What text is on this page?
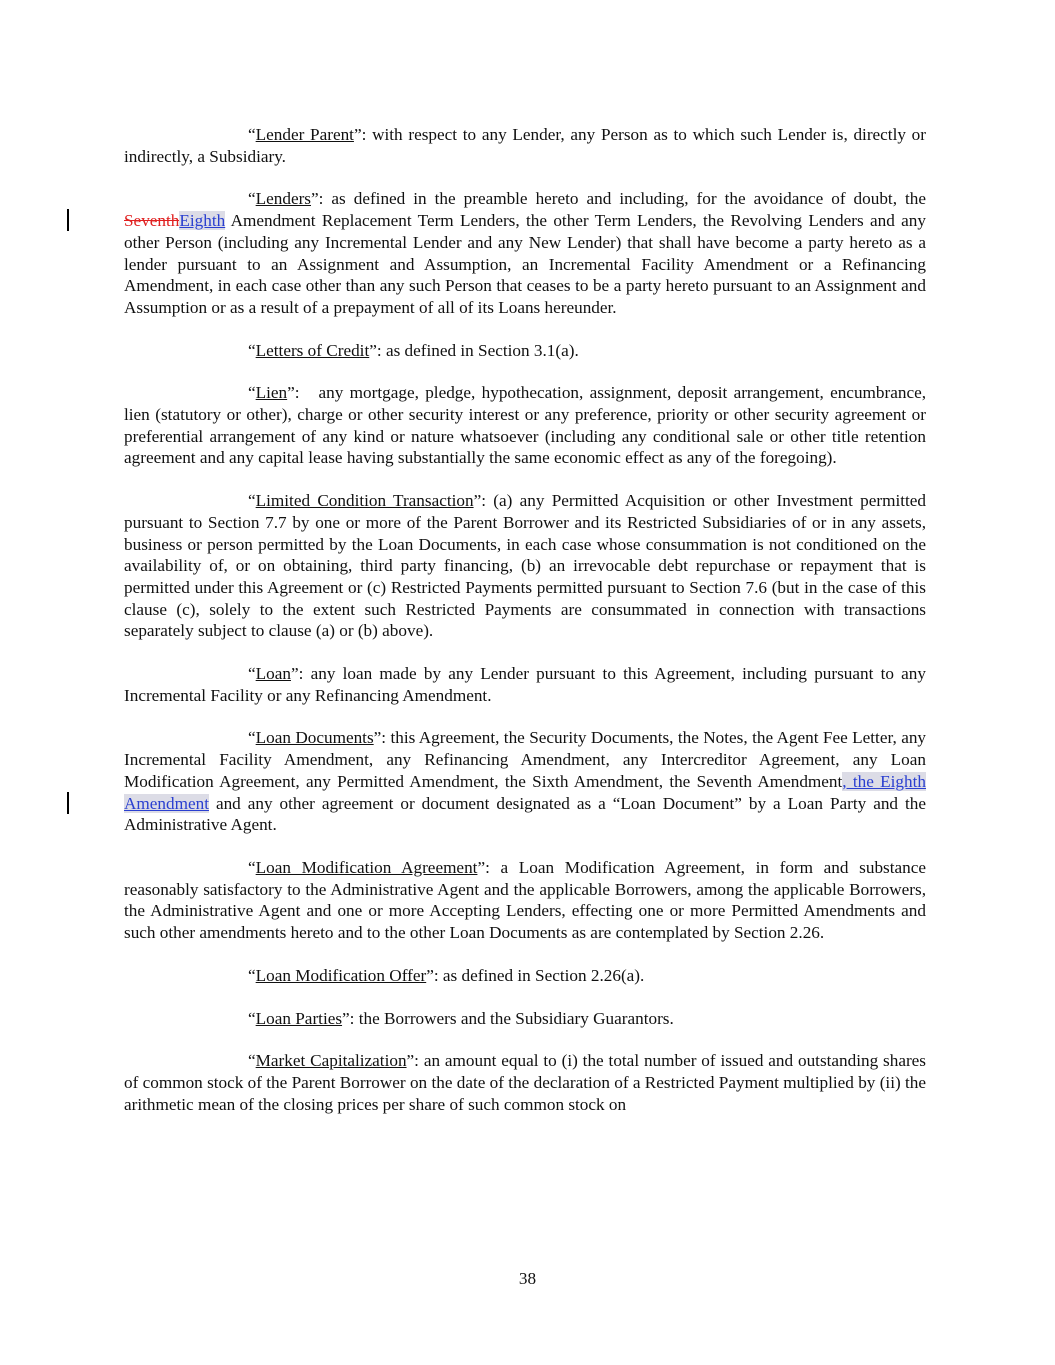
“Lender Parent”: with respect to any Lender, any Person as to which such Lender is, directly or indirectly, a Subsidiary.

“Lenders”: as defined in the preamble hereto and including, for the avoidance of doubt, the SeventhEighth Amendment Replacement Term Lenders, the other Term Lenders, the Revolving Lenders and any other Person (including any Incremental Lender and any New Lender) that shall have become a party hereto as a lender pursuant to an Assignment and Assumption, an Incremental Facility Amendment or a Refinancing Amendment, in each case other than any such Person that ceases to be a party hereto pursuant to an Assignment and Assumption or as a result of a prepayment of all of its Loans hereunder.

“Letters of Credit”: as defined in Section 3.1(a).

“Lien”:   any mortgage, pledge, hypothecation, assignment, deposit arrangement, encumbrance, lien (statutory or other), charge or other security interest or any preference, priority or other security agreement or preferential arrangement of any kind or nature whatsoever (including any conditional sale or other title retention agreement and any capital lease having substantially the same economic effect as any of the foregoing).

“Limited Condition Transaction”: (a) any Permitted Acquisition or other Investment permitted pursuant to Section 7.7 by one or more of the Parent Borrower and its Restricted Subsidiaries of or in any assets, business or person permitted by the Loan Documents, in each case whose consummation is not conditioned on the availability of, or on obtaining, third party financing, (b) an irrevocable debt repurchase or repayment that is permitted under this Agreement or (c) Restricted Payments permitted pursuant to Section 7.6 (but in the case of this clause (c), solely to the extent such Restricted Payments are consummated in connection with transactions separately subject to clause (a) or (b) above).

“Loan”: any loan made by any Lender pursuant to this Agreement, including pursuant to any Incremental Facility or any Refinancing Amendment.

“Loan Documents”: this Agreement, the Security Documents, the Notes, the Agent Fee Letter, any Incremental Facility Amendment, any Refinancing Amendment, any Intercreditor Agreement, any Loan Modification Agreement, any Permitted Amendment, the Sixth Amendment, the Seventh Amendment, the Eighth Amendment and any other agreement or document designated as a “Loan Document” by a Loan Party and the Administrative Agent.

“Loan Modification Agreement”: a Loan Modification Agreement, in form and substance reasonably satisfactory to the Administrative Agent and the applicable Borrowers, among the applicable Borrowers, the Administrative Agent and one or more Accepting Lenders, effecting one or more Permitted Amendments and such other amendments hereto and to the other Loan Documents as are contemplated by Section 2.26.

“Loan Modification Offer”: as defined in Section 2.26(a).

“Loan Parties”: the Borrowers and the Subsidiary Guarantors.

“Market Capitalization”: an amount equal to (i) the total number of issued and outstanding shares of common stock of the Parent Borrower on the date of the declaration of a Restricted Payment multiplied by (ii) the arithmetic mean of the closing prices per share of such common stock on

38
